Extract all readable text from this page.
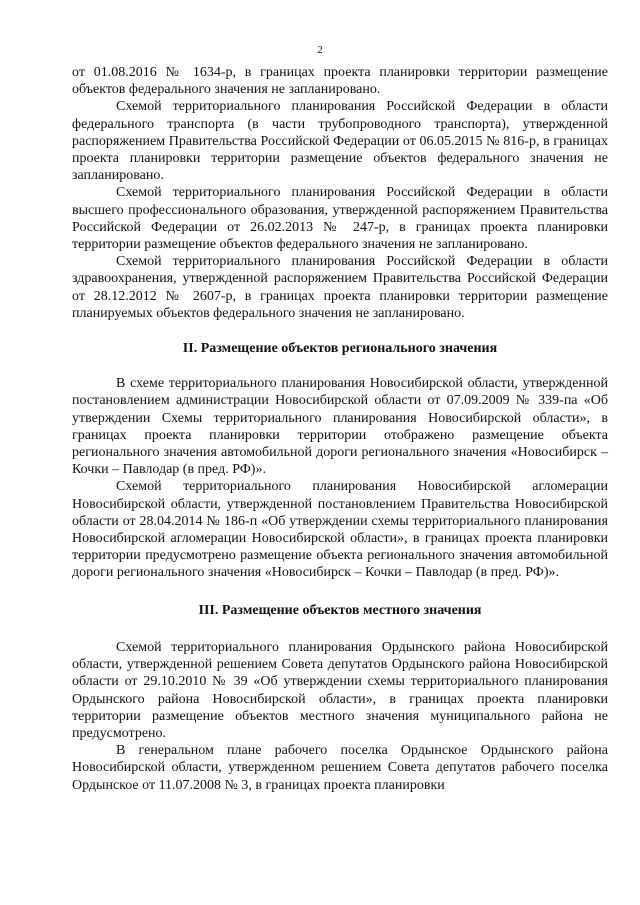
2

от 01.08.2016 № 1634-р, в границах проекта планировки территории размещение объектов федерального значения не запланировано.

Схемой территориального планирования Российской Федерации в области федерального транспорта (в части трубопроводного транспорта), утвержденной распоряжением Правительства Российской Федерации от 06.05.2015 № 816-р, в границах проекта планировки территории размещение объектов федерального значения не запланировано.

Схемой территориального планирования Российской Федерации в области высшего профессионального образования, утвержденной распоряжением Правительства Российской Федерации от 26.02.2013 № 247-р, в границах проекта планировки территории размещение объектов федерального значения не запланировано.

Схемой территориального планирования Российской Федерации в области здравоохранения, утвержденной распоряжением Правительства Российской Федерации от 28.12.2012 № 2607-р, в границах проекта планировки территории размещение планируемых объектов федерального значения не запланировано.

II. Размещение объектов регионального значения

В схеме территориального планирования Новосибирской области, утвержденной постановлением администрации Новосибирской области от 07.09.2009 № 339-па «Об утверждении Схемы территориального планирования Новосибирской области», в границах проекта планировки территории отображено размещение объекта регионального значения автомобильной дороги регионального значения «Новосибирск – Кочки – Павлодар (в пред. РФ)».

Схемой территориального планирования Новосибирской агломерации Новосибирской области, утвержденной постановлением Правительства Новосибирской области от 28.04.2014 № 186-п «Об утверждении схемы территориального планирования Новосибирской агломерации Новосибирской области», в границах проекта планировки территории предусмотрено размещение объекта регионального значения автомобильной дороги регионального значения «Новосибирск – Кочки – Павлодар (в пред. РФ)».

III. Размещение объектов местного значения

Схемой территориального планирования Ордынского района Новосибирской области, утвержденной решением Совета депутатов Ордынского района Новосибирской области от 29.10.2010 № 39 «Об утверждении схемы территориального планирования Ордынского района Новосибирской области», в границах проекта планировки территории размещение объектов местного значения муниципального района не предусмотрено.

В генеральном плане рабочего поселка Ордынское Ордынского района Новосибирской области, утвержденном решением Совета депутатов рабочего поселка Ордынское от 11.07.2008 № 3, в границах проекта планировки
